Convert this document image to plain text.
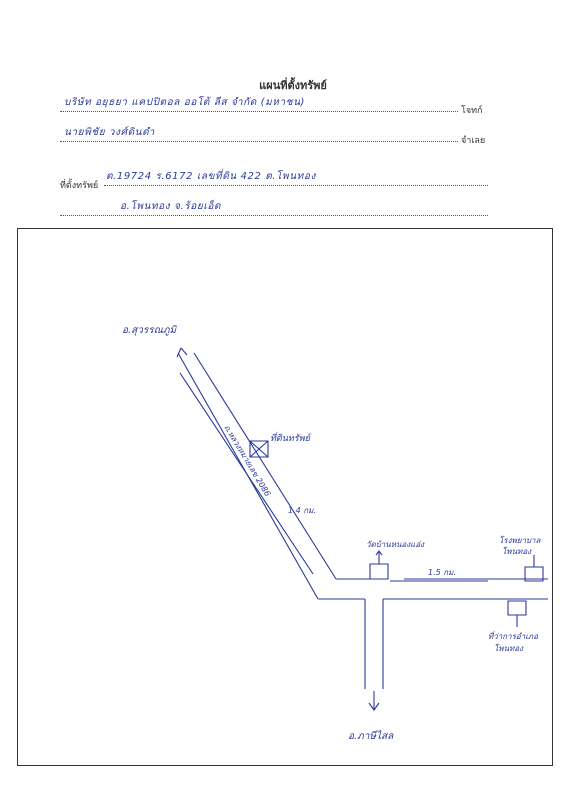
แผนที่ตั้งทรัพย์
บริษัท อยุธยา แคปปิตอล ออโต้ ลีส จำกัด (มหาชน)
โจทก์
นายพิชัย วงศ์ดินดำ
จำเลย
ที่ตั้งทรัพย์
ต.19724 ร.6172 เลขที่ดิน 422 ต.โพนทอง
อ.โพนทอง จ.ร้อยเอ็ด
อ.สุวรรณภูมิ
อ.ภาษีไสล
ถ.หลวงหมายเลข 2086
ที่ดินทรัพย์
1.4 กม.
1.5 กม.
วัดบ้านหนองแอ่ง	โรงพยาบาล
โพนทอง
ที่ว่าการอำเภอ
โพนทอง
